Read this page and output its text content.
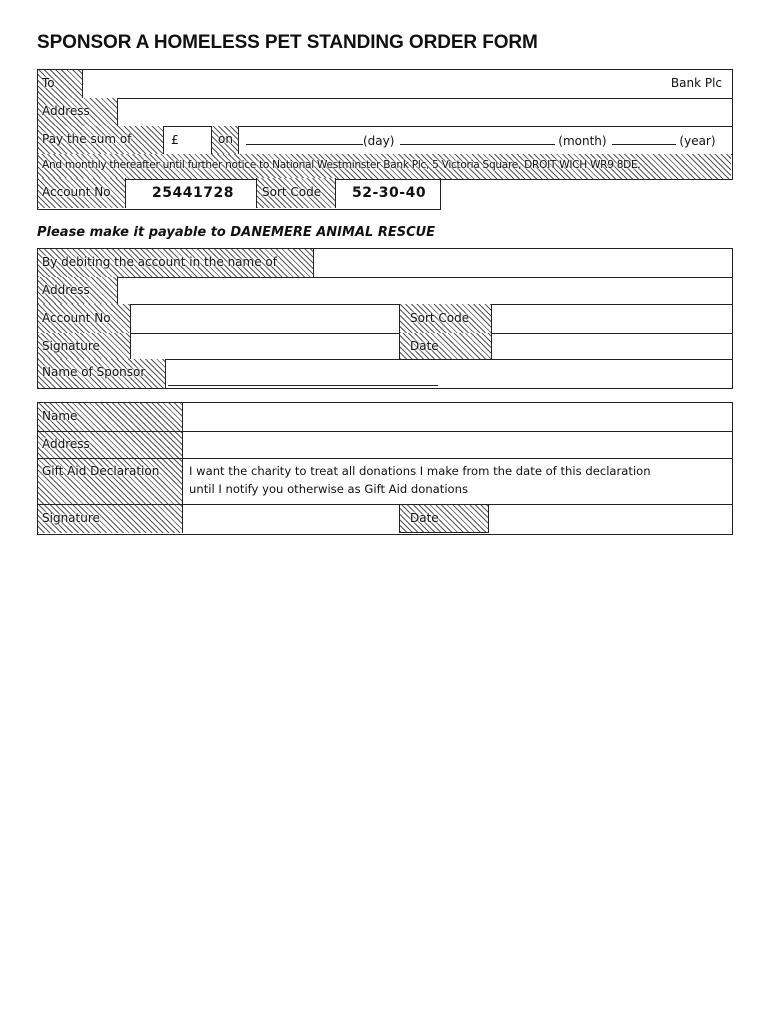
SPONSOR A HOMELESS PET STANDING ORDER FORM
To	Bank Plc
Address
Pay the sum of	£	on	(day)	(month)	(year)
And monthly thereafter until further notice to National Westminster Bank Plc, 5 Victoria Square, DROIT WICH WR9 8DE.
Account No	25441728 Sort Code 52-30-40
Please make it payable to DANEMERE ANIMAL RESCUE
By debiting the account in the name of
Address
Account No	Sort Code
Signature	Date
Name of Sponsor
Name
Address
Gift Aid Declaration	I want the charity to treat all donations I make from the date of this declaration
until I notify you otherwise as Gift Aid donations
Signature	Date
